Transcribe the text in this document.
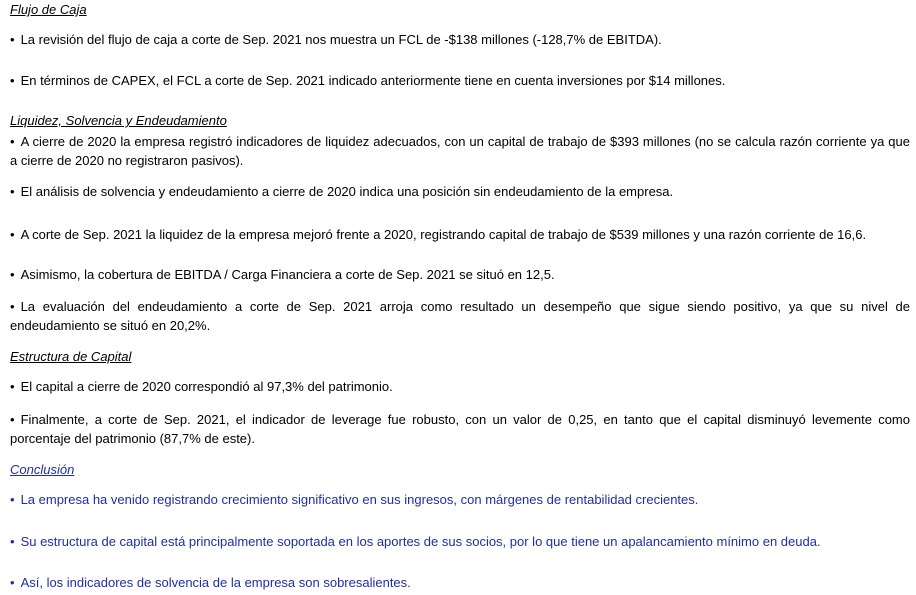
Flujo de Caja
• La revisión del flujo de caja a corte de Sep. 2021 nos muestra un FCL de -$138 millones (-128,7% de EBITDA).
• En términos de CAPEX, el FCL a corte de Sep. 2021 indicado anteriormente tiene en cuenta inversiones por $14 millones.
Liquidez, Solvencia y Endeudamiento
• A cierre de 2020 la empresa registró indicadores de liquidez adecuados, con un capital de trabajo de $393 millones (no se calcula razón corriente ya que a cierre de 2020 no registraron pasivos).
• El análisis de solvencia y endeudamiento a cierre de 2020 indica una posición sin endeudamiento de la empresa.
• A corte de Sep. 2021 la liquidez de la empresa mejoró frente a 2020, registrando capital de trabajo de $539 millones y una razón corriente de 16,6.
• Asimismo, la cobertura de EBITDA / Carga Financiera a corte de Sep. 2021 se situó en 12,5.
• La evaluación del endeudamiento a corte de Sep. 2021 arroja como resultado un desempeño que sigue siendo positivo, ya que su nivel de endeudamiento se situó en 20,2%.
Estructura de Capital
• El capital a cierre de 2020 correspondió al 97,3% del patrimonio.
• Finalmente, a corte de Sep. 2021, el indicador de leverage fue robusto, con un valor de 0,25, en tanto que el capital disminuyó levemente como porcentaje del patrimonio (87,7% de este).
Conclusión
• La empresa ha venido registrando crecimiento significativo en sus ingresos, con márgenes de rentabilidad crecientes.
• Su estructura de capital está principalmente soportada en los aportes de sus socios, por lo que tiene un apalancamiento mínimo en deuda.
• Así, los indicadores de solvencia de la empresa son sobresalientes.
